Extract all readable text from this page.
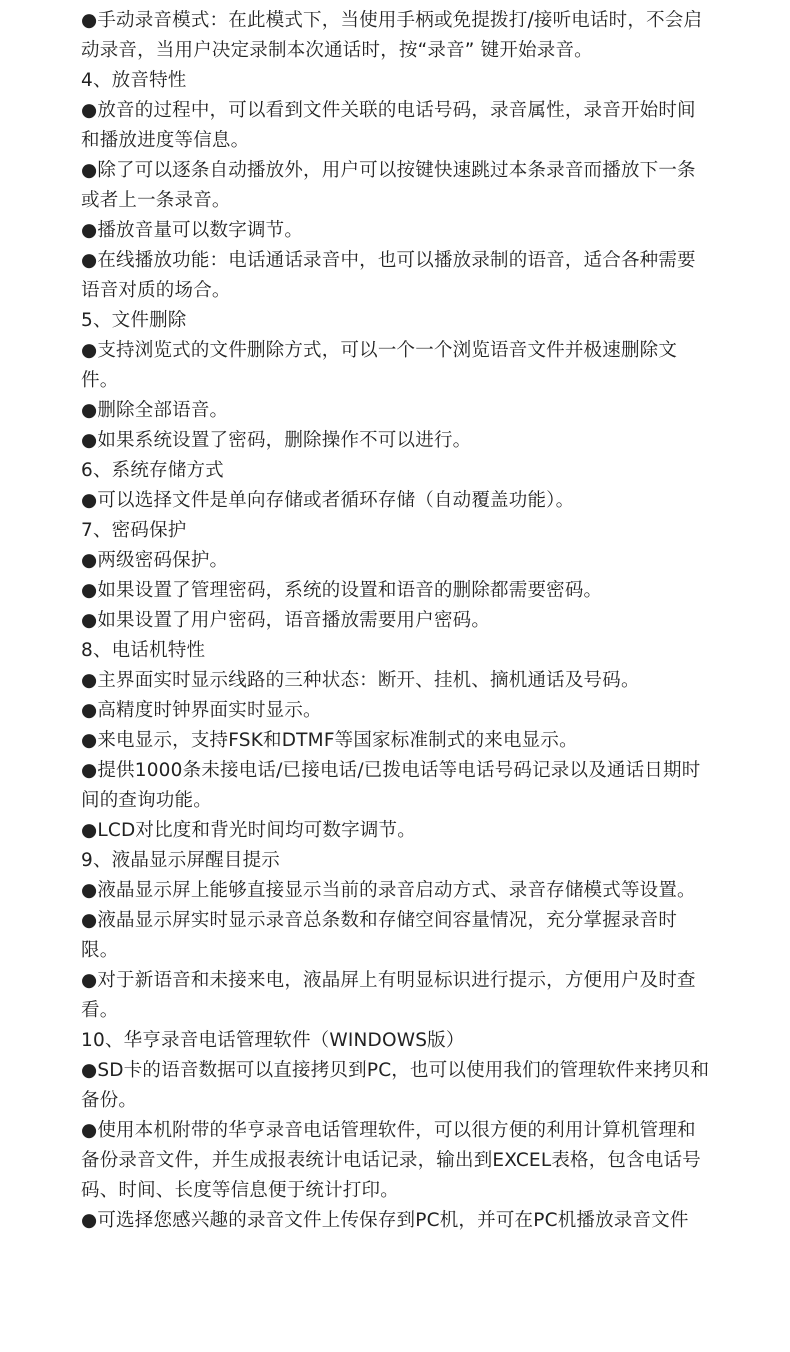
●手动录音模式：在此模式下，当使用手柄或免提拨打/接听电话时，不会启动录音，当用户决定录制本次通话时，按“录音” 键开始录音。

4、放音特性

●放音的过程中，可以看到文件关联的电话号码，录音属性，录音开始时间和播放进度等信息。

●除了可以逐条自动播放外，用户可以按键快速跳过本条录音而播放下一条或者上一条录音。

●播放音量可以数字调节。

●在线播放功能：电话通话录音中，也可以播放录制的语音，适合各种需要语音对质的场合。

5、文件删除

●支持浏览式的文件删除方式，可以一个一个浏览语音文件并极速删除文件。

●删除全部语音。

●如果系统设置了密码，删除操作不可以进行。

6、系统存储方式

●可以选择文件是单向存储或者循环存储（自动覆盖功能）。

7、密码保护

●两级密码保护。

●如果设置了管理密码，系统的设置和语音的删除都需要密码。

●如果设置了用户密码，语音播放需要用户密码。

8、电话机特性

●主界面实时显示线路的三种状态：断开、挂机、摘机通话及号码。

●高精度时钟界面实时显示。

●来电显示，支持FSK和DTMF等国家标准制式的来电显示。

●提供1000条未接电话/已接电话/已拨电话等电话号码记录以及通话日期时间的查询功能。

●LCD对比度和背光时间均可数字调节。

9、液晶显示屏醒目提示

●液晶显示屏上能够直接显示当前的录音启动方式、录音存储模式等设置。

●液晶显示屏实时显示录音总条数和存储空间容量情况，充分掌握录音时限。

●对于新语音和未接来电，液晶屏上有明显标识进行提示，方便用户及时查看。

10、华亨录音电话管理软件（WINDOWS版）

●SD卡的语音数据可以直接拷贝到PC，也可以使用我们的管理软件来拷贝和备份。

●使用本机附带的华亨录音电话管理软件，可以很方便的利用计算机管理和备份录音文件，并生成报表统计电话记录，输出到EXCEL表格，包含电话号码、时间、长度等信息便于统计打印。

●可选择您感兴趣的录音文件上传保存到PC机，并可在PC机播放录音文件
